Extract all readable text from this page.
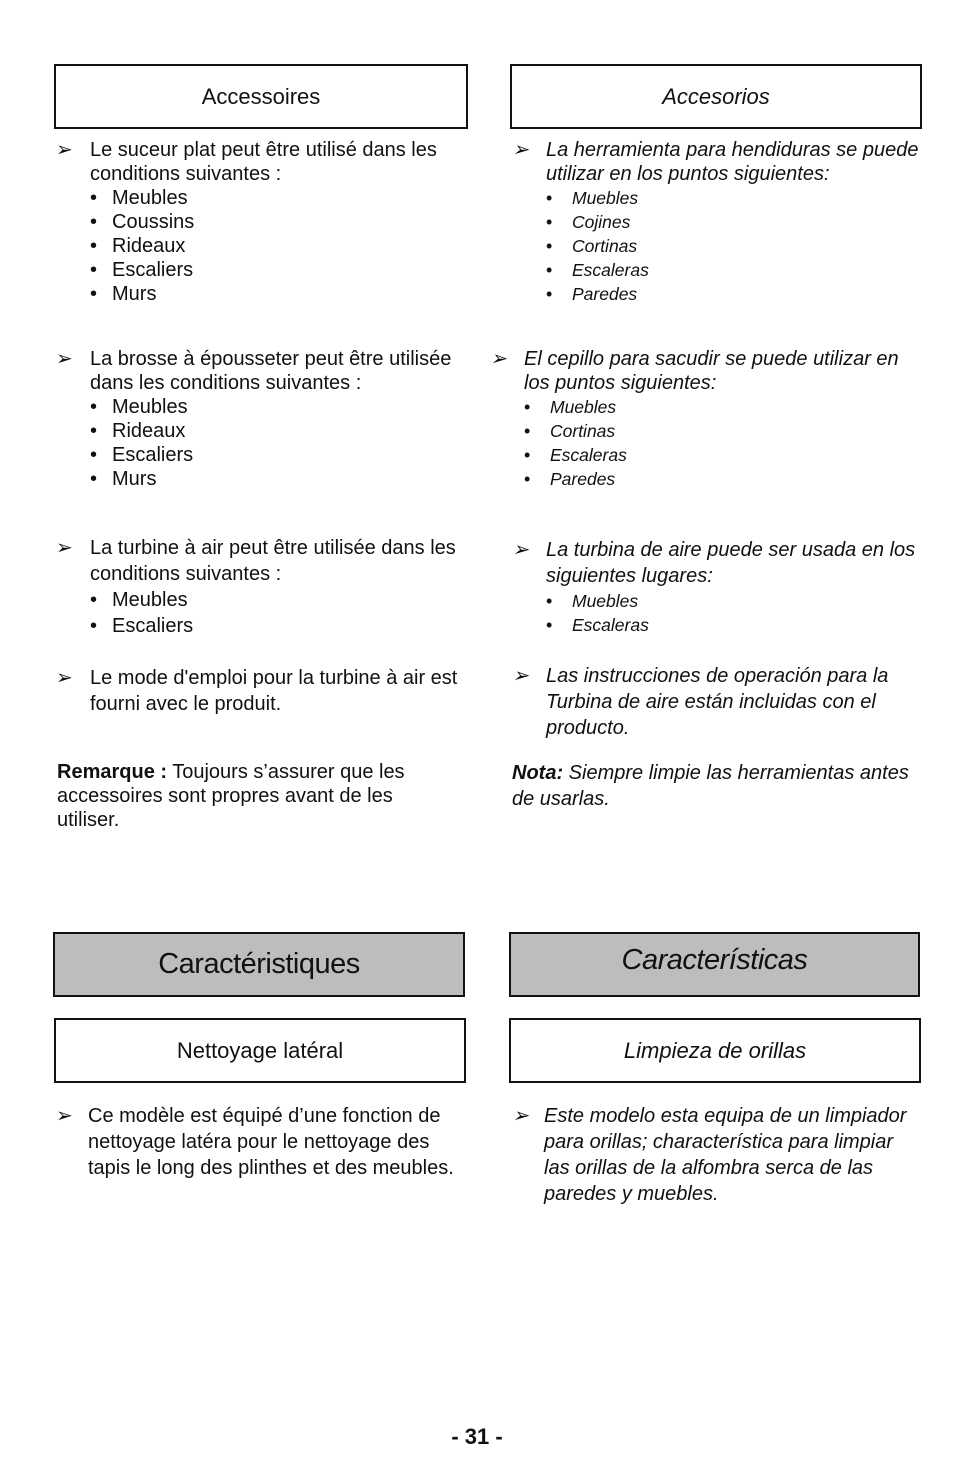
Accessoires	Accesorios
➢ Le suceur plat peut être utilisé dans les conditions suivantes :
• Meubles
• Coussins
• Rideaux
• Escaliers
• Murs
➢ La brosse à épousseter peut être utilisée dans les conditions suivantes :
• Meubles
• Rideaux
• Escaliers
• Murs
➢ La turbine à air peut être utilisée dans les conditions suivantes :
• Meubles
• Escaliers
➢ Le mode d'emploi pour la turbine à air est fourni avec le produit.
➢ La herramienta para hendiduras se puede utilizar en los puntos siguientes:
• Muebles
• Cojines
• Cortinas
• Escaleras
• Paredes
➢ El cepillo para sacudir se puede utilizar en los puntos siguientes:
• Muebles
• Cortinas
• Escaleras
• Paredes
➢ La turbina de aire puede ser usada en los siguientes lugares:
• Muebles
• Escaleras
➢ Las instrucciones de operación para la Turbina de aire están incluidas con el producto.
Remarque : Toujours s’assurer que les accessoires sont propres avant de les utiliser.
Nota: Siempre limpie las herramientas antes de usarlas.
Caractéristiques	Características
Nettoyage latéral	Limpieza de orillas
➢ Ce modèle est équipé d’une fonction de nettoyage latéra pour le nettoyage des tapis le long des plinthes et des meubles.
➢ Este modelo esta equipa de un limpiador para orillas; characterística para limpiar las orillas de la alfombra serca de las paredes y muebles.
- 31 -
